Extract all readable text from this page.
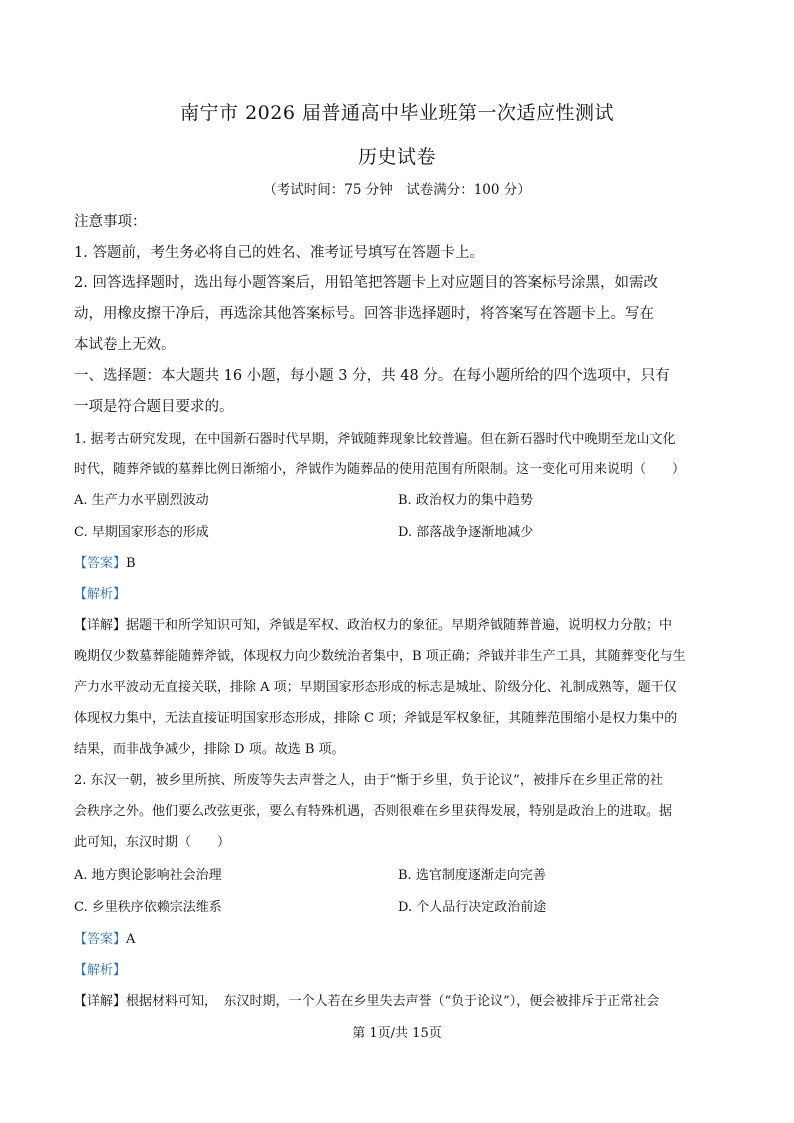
南宁市 2026 届普通高中毕业班第一次适应性测试
历史试卷
（考试时间：75 分钟　试卷满分：100 分）
注意事项：
1. 答题前，考生务必将自己的姓名、准考证号填写在答题卡上。
2. 回答选择题时，选出每小题答案后，用铅笔把答题卡上对应题目的答案标号涂黑，如需改
动，用橡皮擦干净后，再选涂其他答案标号。回答非选择题时，将答案写在答题卡上。写在
本试卷上无效。
一、选择题：本大题共 16 小题，每小题 3 分，共 48 分。在每小题所给的四个选项中，只有
一项是符合题目要求的。
1. 据考古研究发现，在中国新石器时代早期，斧钺随葬现象比较普遍。但在新石器时代中晚期至龙山文化
时代，随葬斧钺的墓葬比例日渐缩小，斧钺作为随葬品的使用范围有所限制。这一变化可用来说明（　　）
A. 生产力水平剧烈波动	B. 政治权力的集中趋势
C. 早期国家形态的形成	D. 部落战争逐渐地减少
【答案】B
【解析】
【详解】据题干和所学知识可知，斧钺是军权、政治权力的象征。早期斧钺随葬普遍，说明权力分散；中
晚期仅少数墓葬能随葬斧钺，体现权力向少数统治者集中，B 项正确；斧钺并非生产工具，其随葬变化与生
产力水平波动无直接关联，排除 A 项；早期国家形态形成的标志是城址、阶级分化、礼制成熟等，题干仅
体现权力集中，无法直接证明国家形态形成，排除 C 项；斧钺是军权象征，其随葬范围缩小是权力集中的
结果，而非战争减少，排除 D 项。故选 B 项。
2. 东汉一朝，被乡里所摈、所废等失去声誉之人，由于“惭于乡里，负于论议”，被排斥在乡里正常的社
会秩序之外。他们要么改弦更张，要么有特殊机遇，否则很难在乡里获得发展，特别是政治上的进取。据
此可知，东汉时期（　　）
A. 地方舆论影响社会治理	B. 选官制度逐渐走向完善
C. 乡里秩序依赖宗法维系	D. 个人品行决定政治前途
【答案】A
【解析】
【详解】根据材料可知，　东汉时期，一个人若在乡里失去声誉（“负于论议”），便会被排斥于正常社会
第 1页/共 15页
